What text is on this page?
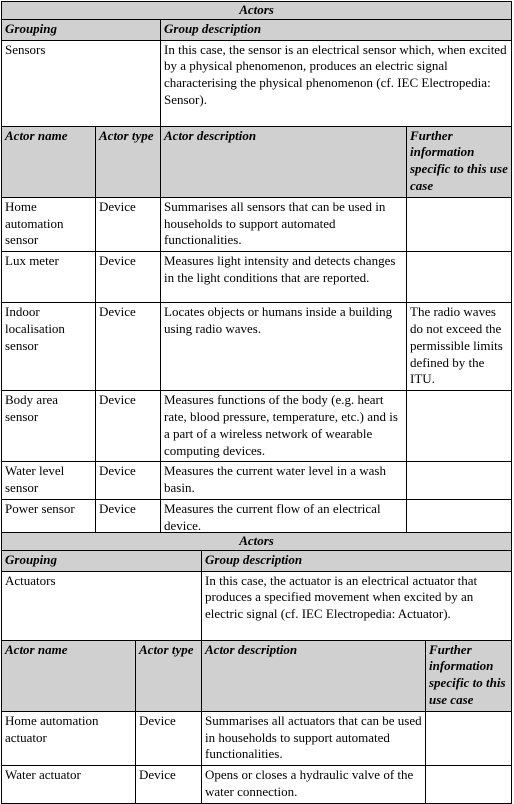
Actors			
Grouping		Group description	
Sensors		In this case, the sensor is an electrical sensor which, when excited by a physical phenomenon, produces an electric signal characterising the physical phenomenon (cf. IEC Electropedia: Sensor).	
Actor name	Actor type	Actor description	Further information specific to this use case
Home automation sensor	Device	Summarises all sensors that can be used in households to support automated functionalities.	
Lux meter	Device	Measures light intensity and detects changes in the light conditions that are reported.	
Indoor localisation sensor	Device	Locates objects or humans inside a building using radio waves.	The radio waves do not exceed the permissible limits defined by the ITU.
Body area sensor	Device	Measures functions of the body (e.g. heart rate, blood pressure, temperature, etc.) and is a part of a wireless network of wearable computing devices.	
Water level sensor	Device	Measures the current water level in a wash basin.	
Power sensor	Device	Measures the current flow of an electrical device.	
Actors			
Grouping		Group description	
Actuators		In this case, the actuator is an electrical actuator that produces a specified movement when excited by an electric signal (cf. IEC Electropedia: Actuator).	
Actor name	Actor type	Actor description	Further information specific to this use case
Home automation actuator	Device	Summarises all actuators that can be used in households to support automated functionalities.	
Water actuator	Device	Opens or closes a hydraulic valve of the water connection.	
